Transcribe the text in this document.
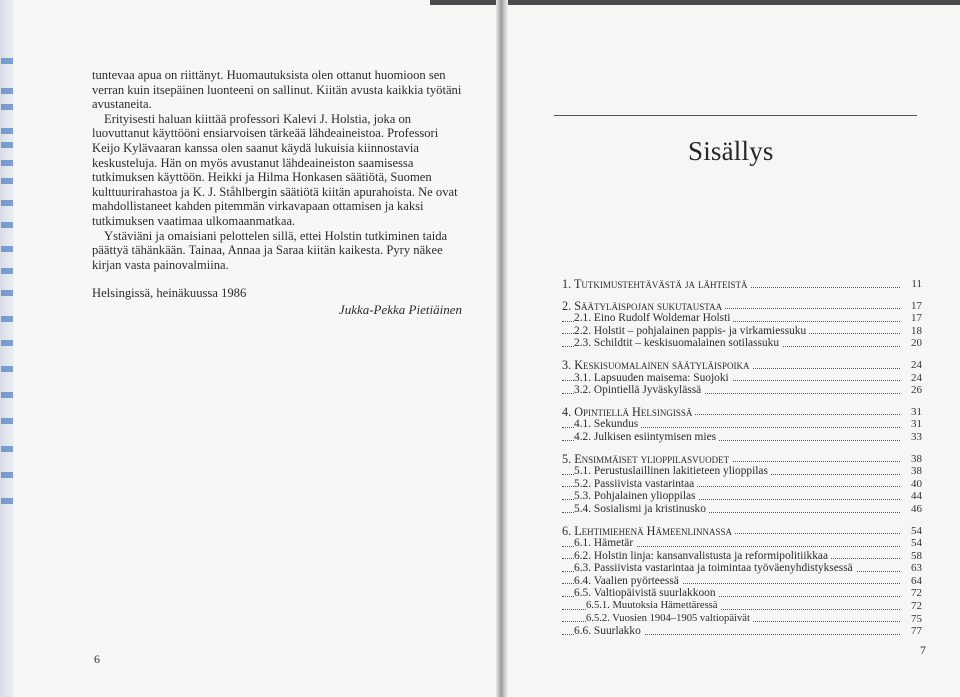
tuntevaa apua on riittänyt. Huomautuksista olen ottanut huomioon sen verran kuin itsepäinen luonteeni on sallinut. Kiitän avusta kaikkia työtäni avustaneita.

Erityisesti haluan kiittää professori Kalevi J. Holstia, joka on luovuttanut käyttööni ensiarvoisen tärkeää lähdeaineistoa. Professori Keijo Kylävaaran kanssa olen saanut käydä lukuisia kiinnostavia keskusteluja. Hän on myös avustanut lähdeaineiston saamisessa tutkimuksen käyttöön. Heikki ja Hilma Honkasen säätiötä, Suomen kulttuurirahastoa ja K. J. Ståhlbergin säätiötä kiitän apurahoista. Ne ovat mahdollistaneet kahden pitemmän virkavapaan ottamisen ja kaksi tutkimuksen vaatimaa ulkomaanmatkaa.

Ystäviäni ja omaisiani pelottelen sillä, ettei Holstin tutkiminen taida päättyä tähänkään. Tainaa, Annaa ja Saraa kiitän kaikesta. Pyry näkee kirjan vasta painovalmiina.

Helsingissä, heinäkuussa 1986

Jukka-Pekka Pietiäinen
6
Sisällys
1. Tutkimustehtävästä ja lähteistä	11
2. Säätyläispojan sukutaustaa	17
2.1. Eino Rudolf Woldemar Holsti	17
2.2. Holstit – pohjalainen pappis- ja virkamiessuku	18
2.3. Schildtit – keskisuomalainen sotilassuku	20
3. Keskisuomalainen säätyläispoika	24
3.1. Lapsuuden maisema: Suojoki	24
3.2. Opintiellä Jyväskylässä	26
4. Opintiellä Helsingissä	31
4.1. Sekundus	31
4.2. Julkisen esiintymisen mies	33
5. Ensimmäiset ylioppilasvuodet	38
5.1. Perustuslaillinen lakitieteen ylioppilas	38
5.2. Passiivista vastarintaa	40
5.3. Pohjalainen ylioppilas	44
5.4. Sosialismi ja kristinusko	46
6. Lehtimiehenä Hämeenlinnassa	54
6.1. Hämetär	54
6.2. Holstin linja: kansanvalistusta ja reformipolitiikkaa	58
6.3. Passiivista vastarintaa ja toimintaa työväenyhdistyksessä	63
6.4. Vaalien pyörteessä	64
6.5. Valtiopäivistä suurlakkoon	72
6.5.1. Muutoksia Hämettäressä	72
6.5.2. Vuosien 1904–1905 valtiopäivät	75
6.6. Suurlakko	77
7
